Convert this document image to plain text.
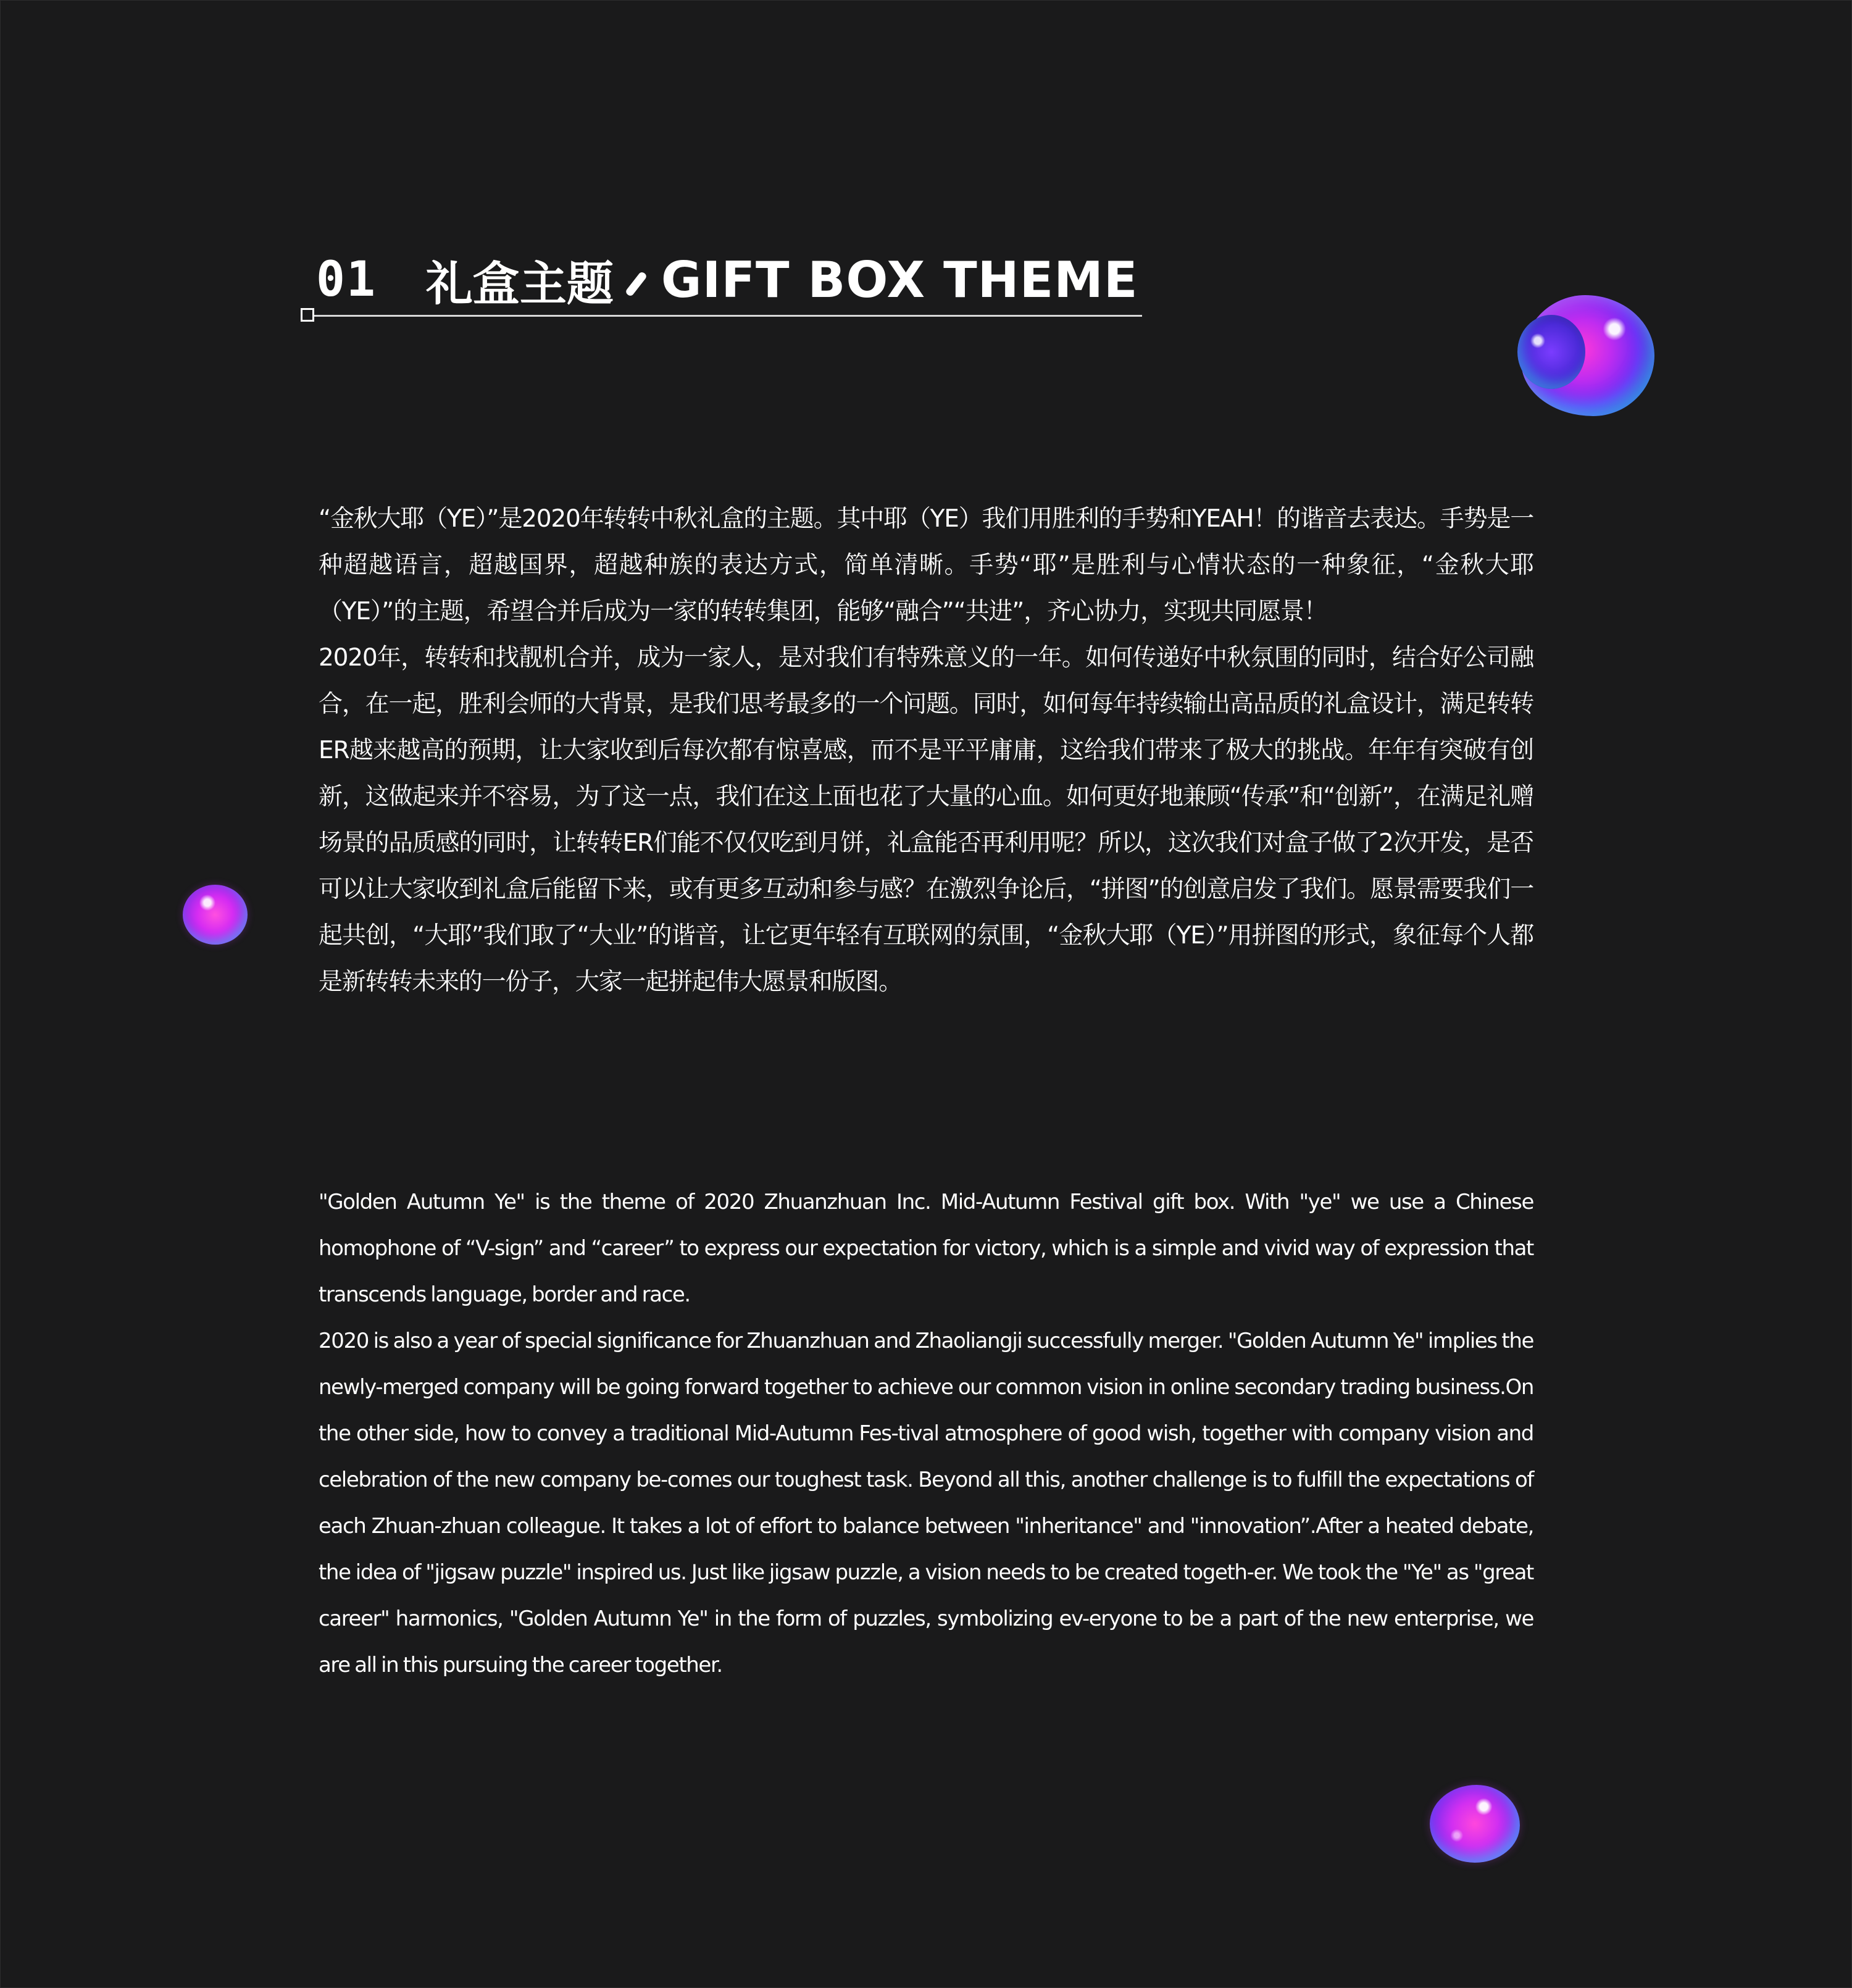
01 礼盒主题 GIFT BOX THEME

“金秋大耶（YE）”是2020年转转中秋礼盒的主题。其中耶（YE）我们用胜利的手势和YEAH！的谐音去表达。手势是一种超越语言，超越国界，超越种族的表达方式，简单清晰。手势“耶”是胜利与心情状态的一种象征，“金秋大耶（YE）”的主题，希望合并后成为一家的转转集团，能够“融合”“共进”，齐心协力，实现共同愿景！

2020年，转转和找靓机合并，成为一家人，是对我们有特殊意义的一年。如何传递好中秋氛围的同时，结合好公司融合，在一起，胜利会师的大背景，是我们思考最多的一个问题。同时，如何每年持续输出高品质的礼盒设计，满足转转ER越来越高的预期，让大家收到后每次都有惊喜感，而不是平平庸庸，这给我们带来了极大的挑战。年年有突破有创新，这做起来并不容易，为了这一点，我们在这上面也花了大量的心血。如何更好地兼顾“传承”和“创新”，在满足礼赠场景的品质感的同时，让转转ER们能不仅仅吃到月饼，礼盒能否再利用呢？所以，这次我们对盒子做了2次开发，是否可以让大家收到礼盒后能留下来，或有更多互动和参与感？在激烈争论后，“拼图”的创意启发了我们。愿景需要我们一起共创，“大耶”我们取了“大业”的谐音，让它更年轻有互联网的氛围，“金秋大耶（YE）”用拼图的形式，象征每个人都是新转转未来的一份子，大家一起拼起伟大愿景和版图。

"Golden Autumn Ye" is the theme of 2020 Zhuanzhuan Inc. Mid-Autumn Festival gift box. With "ye" we use a Chinese homophone of “V-sign” and “career” to express our expectation for victory, which is a simple and vivid way of expression that transcends language, border and race.

2020 is also a year of special significance for Zhuanzhuan and Zhaoliangji successfully merger. "Golden Autumn Ye" implies the newly-merged company will be going forward together to achieve our common vision in online secondary trading business.On the other side, how to convey a traditional Mid-Autumn Fes-tival atmosphere of good wish, together with company vision and celebration of the new company be-comes our toughest task. Beyond all this, another challenge is to fulfill the expectations of each Zhuan-zhuan colleague. It takes a lot of effort to balance between "inheritance" and "innovation”.After a heated debate, the idea of "jigsaw puzzle" inspired us. Just like jigsaw puzzle, a vision needs to be created togeth-er. We took the "Ye" as "great career" harmonics, "Golden Autumn Ye" in the form of puzzles, symbolizing ev-eryone to be a part of the new enterprise, we are all in this pursuing the career together.
